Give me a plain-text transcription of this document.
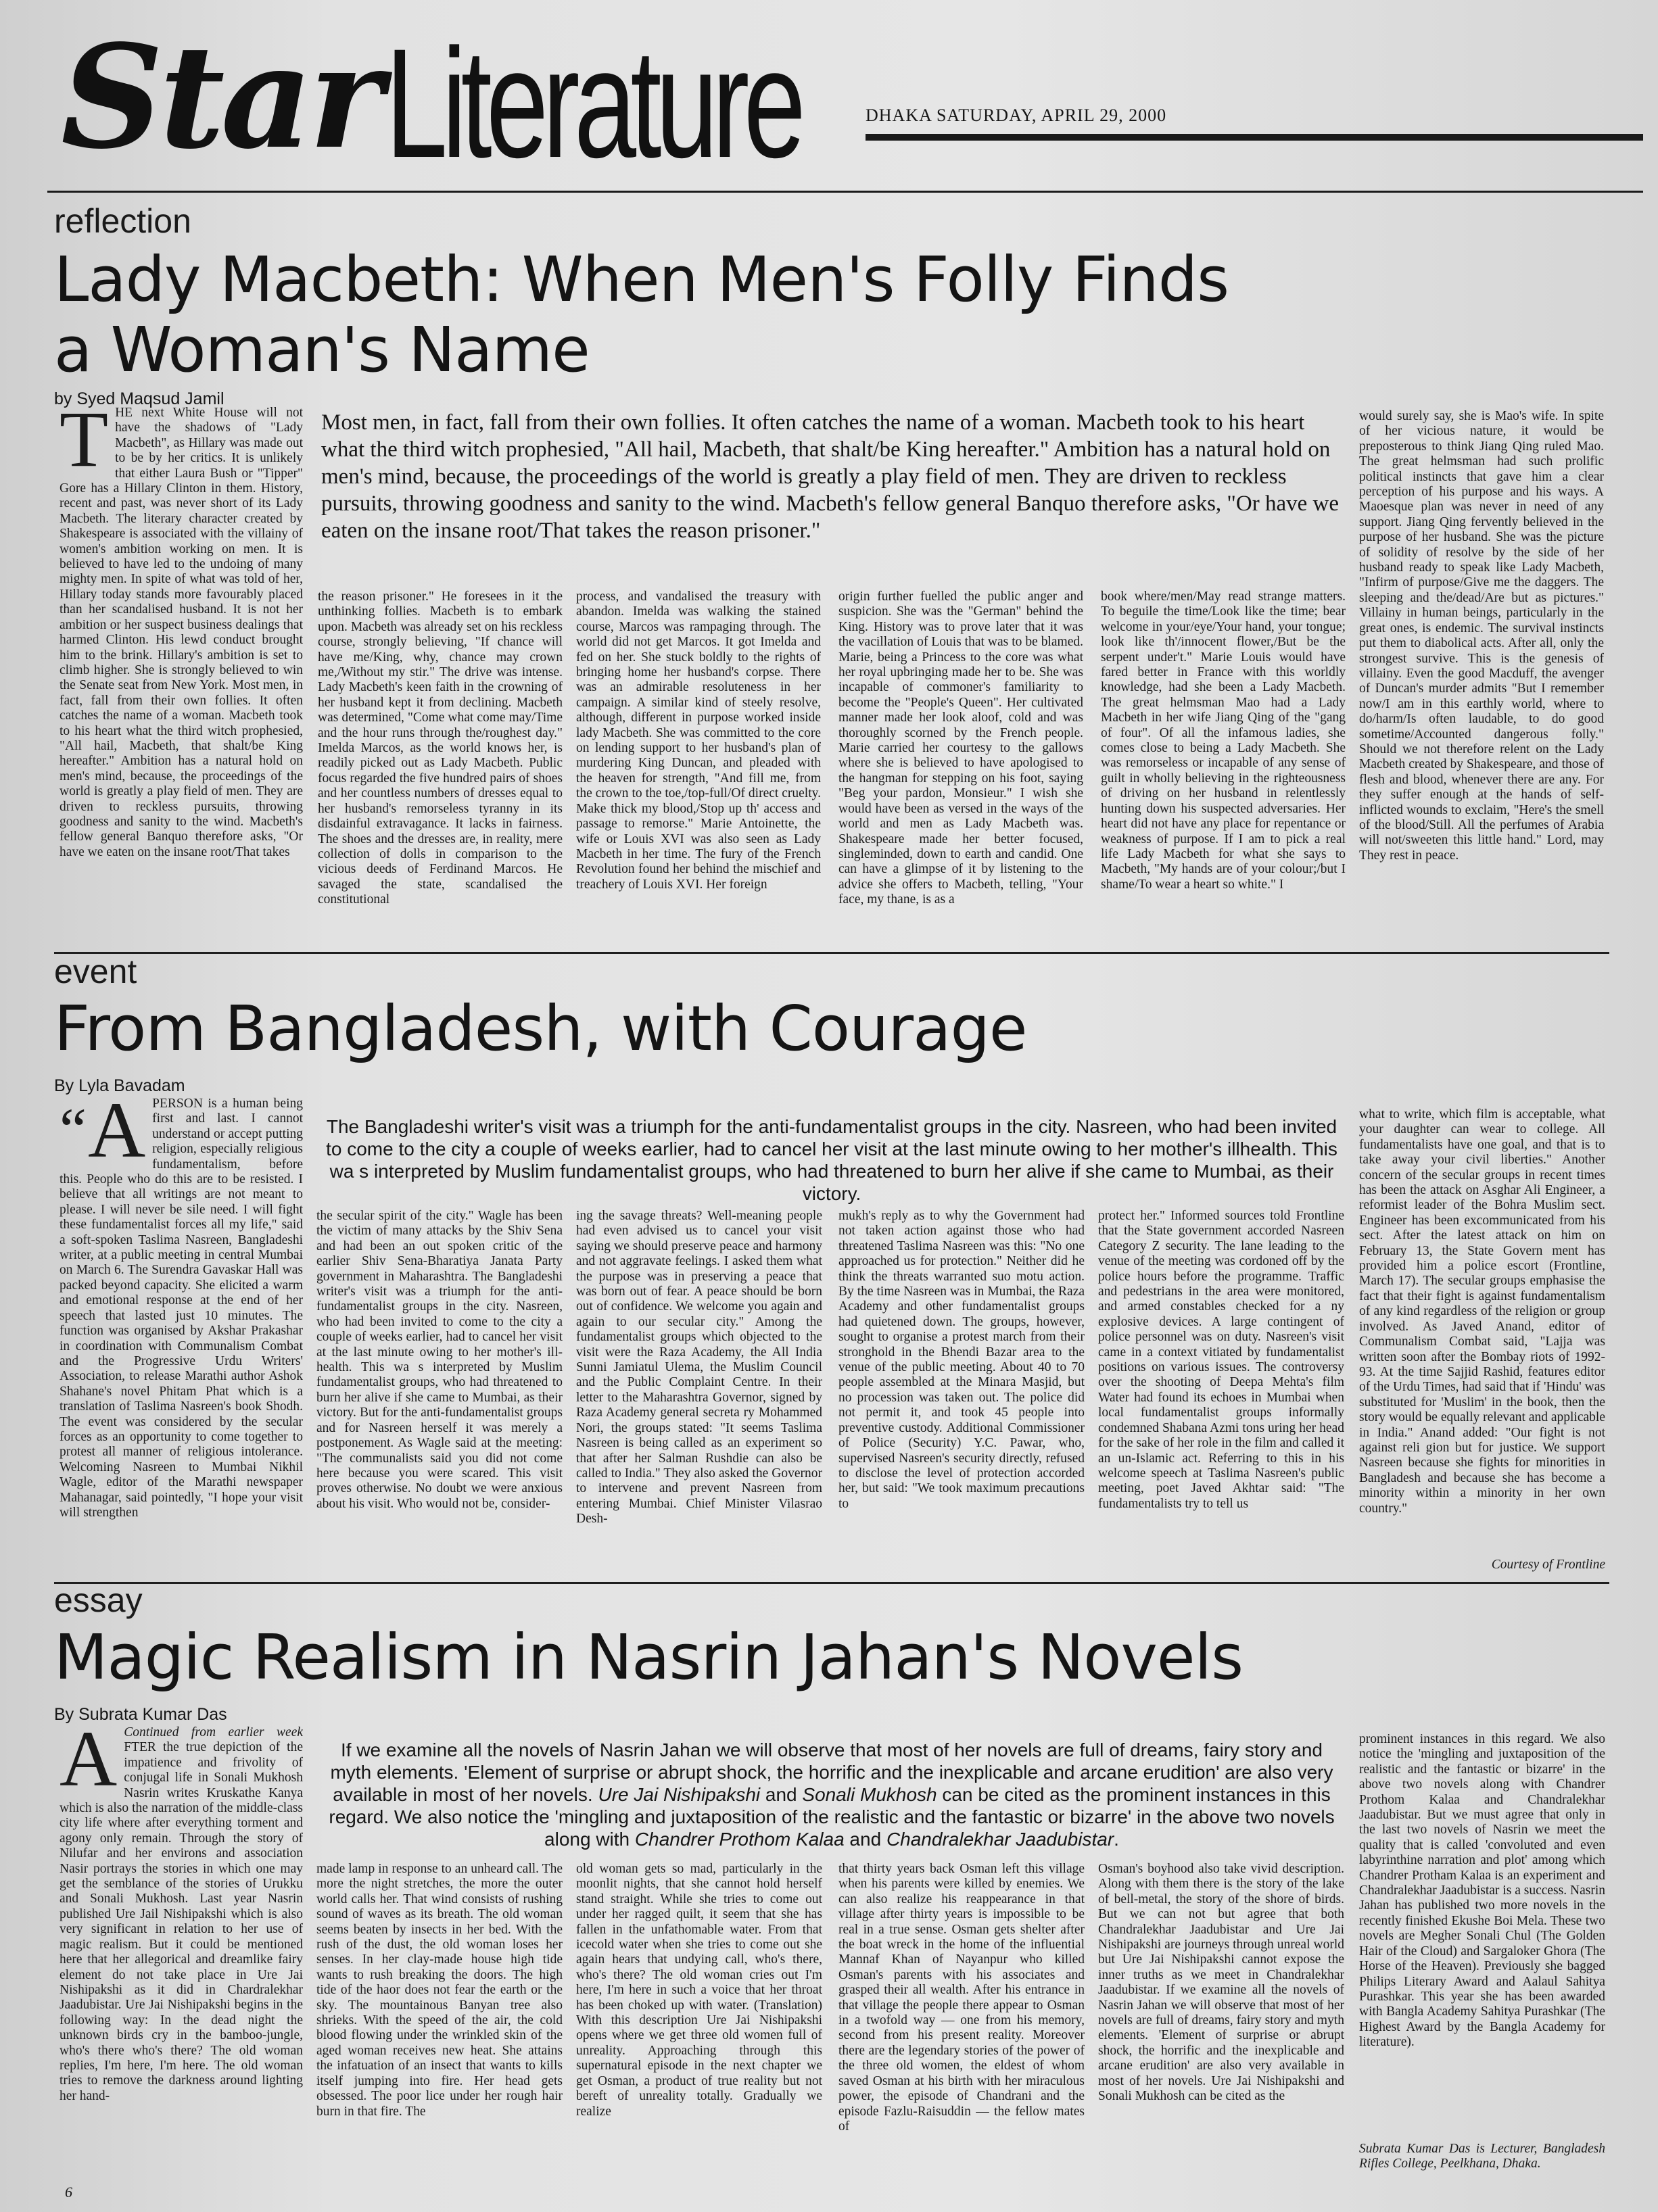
Star Literature	DHAKA SATURDAY, APRIL 29, 2000
reflection
Lady Macbeth: When Men's Folly Finds
a Woman's Name
by Syed Maqsud Jamil
THE next White House will not have the shadows of "Lady Macbeth", as Hillary was made out to be by her critics. It is unlikely that either Laura Bush or "Tipper" Gore has a Hillary Clinton in them. History, recent and past, was never short of its Lady Macbeth. The literary character created by Shakespeare is associated with the villainy of women's ambition working on men. It is believed to have led to the undoing of many mighty men. In spite of what was told of her, Hillary today stands more favourably placed than her scandalised husband. It is not her ambition or her suspect business dealings that harmed Clinton. His lewd conduct brought him to the brink. Hillary's ambition is set to climb higher. She is strongly believed to win the Senate seat from New York. Most men, in fact, fall from their own follies. It often catches the name of a woman. Macbeth took to his heart what the third witch prophesied, "All hail, Macbeth, that shalt/be King hereafter." Ambition has a natural hold on men's mind, because, the proceedings of the world is greatly a play field of men. They are driven to reckless pursuits, throwing goodness and sanity to the wind. Macbeth's fellow general Banquo therefore asks, "Or have we eaten on the insane root/That takes
Most men, in fact, fall from their own follies. It often catches the name of a woman. Macbeth took to his heart what the third witch prophesied, "All hail, Macbeth, that shalt/be King hereafter." Ambition has a natural hold on men's mind, because, the proceedings of the world is greatly a play field of men. They are driven to reckless pursuits, throwing goodness and sanity to the wind. Macbeth's fellow general Banquo therefore asks, "Or have we eaten on the insane root/That takes the reason prisoner."
the reason prisoner." He foresees in it the unthinking follies. Macbeth is to embark upon. Macbeth was already set on his reckless course, strongly believing, "If chance will have me/King, why, chance may crown me,/Without my stir." The drive was intense. Lady Macbeth's keen faith in the crowning of her husband kept it from declining. Macbeth was determined, "Come what come may/Time and the hour runs through the/roughest day." Imelda Marcos, as the world knows her, is readily picked out as Lady Macbeth. Public focus regarded the five hundred pairs of shoes and her countless numbers of dresses equal to her husband's remorseless tyranny in its disdainful extravagance. It lacks in fairness. The shoes and the dresses are, in reality, mere collection of dolls in comparison to the vicious deeds of Ferdinand Marcos. He savaged the state, scandalised the constitutional
process, and vandalised the treasury with abandon. Imelda was walking the stained course, Marcos was rampaging through. The world did not get Marcos. It got Imelda and fed on her. She stuck boldly to the rights of bringing home her husband's corpse. There was an admirable resoluteness in her campaign. A similar kind of steely resolve, although, different in purpose worked inside lady Macbeth. She was committed to the core on lending support to her husband's plan of murdering King Duncan, and pleaded with the heaven for strength, "And fill me, from the crown to the toe,/top-full/Of direct cruelty. Make thick my blood,/Stop up th' access and passage to remorse." Marie Antoinette, the wife or Louis XVI was also seen as Lady Macbeth in her time. The fury of the French Revolution found her behind the mischief and treachery of Louis XVI. Her foreign
origin further fuelled the public anger and suspicion. She was the "German" behind the King. History was to prove later that it was the vacillation of Louis that was to be blamed. Marie, being a Princess to the core was what her royal upbringing made her to be. She was incapable of commoner's familiarity to become the "People's Queen". Her cultivated manner made her look aloof, cold and was thoroughly scorned by the French people. Marie carried her courtesy to the gallows where she is believed to have apologised to the hangman for stepping on his foot, saying "Beg your pardon, Monsieur." I wish she would have been as versed in the ways of the world and men as Lady Macbeth was. Shakespeare made her better focused, singleminded, down to earth and candid. One can have a glimpse of it by listening to the advice she offers to Macbeth, telling, "Your face, my thane, is as a
book where/men/May read strange matters. To beguile the time/Look like the time; bear welcome in your/eye/Your hand, your tongue; look like th'/innocent flower,/But be the serpent under't." Marie Louis would have fared better in France with this worldly knowledge, had she been a Lady Macbeth. The great helmsman Mao had a Lady Macbeth in her wife Jiang Qing of the "gang of four". Of all the infamous ladies, she comes close to being a Lady Macbeth. She was remorseless or incapable of any sense of guilt in wholly believing in the righteousness of driving on her husband in relentlessly hunting down his suspected adversaries. Her heart did not have any place for repentance or weakness of purpose. If I am to pick a real life Lady Macbeth for what she says to Macbeth, "My hands are of your colour;/but I shame/To wear a heart so white." I
would surely say, she is Mao's wife. In spite of her vicious nature, it would be preposterous to think Jiang Qing ruled Mao. The great helmsman had such prolific political instincts that gave him a clear perception of his purpose and his ways. A Maoesque plan was never in need of any support. Jiang Qing fervently believed in the purpose of her husband. She was the picture of solidity of resolve by the side of her husband ready to speak like Lady Macbeth, "Infirm of purpose/Give me the daggers. The sleeping and the/dead/Are but as pictures." Villainy in human beings, particularly in the great ones, is endemic. The survival instincts put them to diabolical acts. After all, only the strongest survive. This is the genesis of villainy. Even the good Macduff, the avenger of Duncan's murder admits "But I remember now/I am in this earthly world, where to do/harm/Is often laudable, to do good sometime/Accounted dangerous folly." Should we not therefore relent on the Lady Macbeth created by Shakespeare, and those of flesh and blood, whenever there are any. For they suffer enough at the hands of self-inflicted wounds to exclaim, "Here's the smell of the blood/Still. All the perfumes of Arabia will not/sweeten this little hand." Lord, may They rest in peace.
event
From Bangladesh, with Courage
By Lyla Bavadam
“ A PERSON is a human being first and last. I cannot understand or accept putting religion, especially religious fundamentalism, before this. People who do this are to be resisted. I believe that all writings are not meant to please. I will never be sile need. I will fight these fundamentalist forces all my life," said a soft-spoken Taslima Nasreen, Bangladeshi writer, at a public meeting in central Mumbai on March 6. The Surendra Gavaskar Hall was packed beyond capacity. She elicited a warm and emotional response at the end of her speech that lasted just 10 minutes. The function was organised by Akshar Prakashar in coordination with Communalism Combat and the Progressive Urdu Writers' Association, to release Marathi author Ashok Shahane's novel Phitam Phat which is a translation of Taslima Nasreen's book Shodh. The event was considered by the secular forces as an opportunity to come together to protest all manner of religious intolerance. Welcoming Nasreen to Mumbai Nikhil Wagle, editor of the Marathi newspaper Mahanagar, said pointedly, "I hope your visit will strengthen
The Bangladeshi writer's visit was a triumph for the anti-fundamentalist groups in the city. Nasreen, who had been invited to come to the city a couple of weeks earlier, had to cancel her visit at the last minute owing to her mother's illhealth. This wa s interpreted by Muslim fundamentalist groups, who had threatened to burn her alive if she came to Mumbai, as their victory.
the secular spirit of the city." Wagle has been the victim of many attacks by the Shiv Sena and had been an out spoken critic of the earlier Shiv Sena-Bharatiya Janata Party government in Maharashtra. The Bangladeshi writer's visit was a triumph for the anti-fundamentalist groups in the city. Nasreen, who had been invited to come to the city a couple of weeks earlier, had to cancel her visit at the last minute owing to her mother's ill-health. This wa s interpreted by Muslim fundamentalist groups, who had threatened to burn her alive if she came to Mumbai, as their victory. But for the anti-fundamentalist groups and for Nasreen herself it was merely a postponement. As Wagle said at the meeting: "The communalists said you did not come here because you were scared. This visit proves otherwise. No doubt we were anxious about his visit. Who would not be, consider-
ing the savage threats? Well-meaning people had even advised us to cancel your visit saying we should preserve peace and harmony and not aggravate feelings. I asked them what the purpose was in preserving a peace that was born out of fear. A peace should be born out of confidence. We welcome you again and again to our secular city." Among the fundamentalist groups which objected to the visit were the Raza Academy, the All India Sunni Jamiatul Ulema, the Muslim Council and the Public Complaint Centre. In their letter to the Maharashtra Governor, signed by Raza Academy general secreta ry Mohammed Nori, the groups stated: "It seems Taslima Nasreen is being called as an experiment so that after her Salman Rushdie can also be called to India." They also asked the Governor to intervene and prevent Nasreen from entering Mumbai. Chief Minister Vilasrao Desh-
mukh's reply as to why the Government had not taken action against those who had threatened Taslima Nasreen was this: "No one approached us for protection." Neither did he think the threats warranted suo motu action. By the time Nasreen was in Mumbai, the Raza Academy and other fundamentalist groups had quietened down. The groups, however, sought to organise a protest march from their stronghold in the Bhendi Bazar area to the venue of the public meeting. About 40 to 70 people assembled at the Minara Masjid, but no procession was taken out. The police did not permit it, and took 45 people into preventive custody. Additional Commissioner of Police (Security) Y.C. Pawar, who, supervised Nasreen's security directly, refused to disclose the level of protection accorded her, but said: "We took maximum precautions to
protect her." Informed sources told Frontline that the State government accorded Nasreen Category Z security. The lane leading to the venue of the meeting was cordoned off by the police hours before the programme. Traffic and pedestrians in the area were monitored, and armed constables checked for a ny explosive devices. A large contingent of police personnel was on duty. Nasreen's visit came in a context vitiated by fundamentalist positions on various issues. The controversy over the shooting of Deepa Mehta's film Water had found its echoes in Mumbai when local fundamentalist groups informally condemned Shabana Azmi tons uring her head for the sake of her role in the film and called it an un-Islamic act. Referring to this in his welcome speech at Taslima Nasreen's public meeting, poet Javed Akhtar said: "The fundamentalists try to tell us
what to write, which film is acceptable, what your daughter can wear to college. All fundamentalists have one goal, and that is to take away your civil liberties." Another concern of the secular groups in recent times has been the attack on Asghar Ali Engineer, a reformist leader of the Bohra Muslim sect. Engineer has been excommunicated from his sect. After the latest attack on him on February 13, the State Govern ment has provided him a police escort (Frontline, March 17). The secular groups emphasise the fact that their fight is against fundamentalism of any kind regardless of the religion or group involved. As Javed Anand, editor of Communalism Combat said, "Lajja was written soon after the Bombay riots of 1992-93. At the time Sajjid Rashid, features editor of the Urdu Times, had said that if 'Hindu' was substituted for 'Muslim' in the book, then the story would be equally relevant and applicable in India." Anand added: "Our fight is not against reli gion but for justice. We support Nasreen because she fights for minorities in Bangladesh and because she has become a minority within a minority in her own country."
Courtesy of Frontline
essay
Magic Realism in Nasrin Jahan's Novels
By Subrata Kumar Das
A Continued from earlier week FTER the true depiction of the impatience and frivolity of conjugal life in Sonali Mukhosh Nasrin writes Kruskathe Kanya which is also the narration of the middle-class city life where after everything torment and agony only remain. Through the story of Nilufar and her environs and association Nasir portrays the stories in which one may get the semblance of the stories of Urukku and Sonali Mukhosh. Last year Nasrin published Ure Jail Nishipakshi which is also very significant in relation to her use of magic realism. But it could be mentioned here that her allegorical and dreamlike fairy element do not take place in Ure Jai Nishipakshi as it did in Chardralekhar Jaadubistar. Ure Jai Nishipakshi begins in the following way: In the dead night the unknown birds cry in the bamboo-jungle, who's there who's there? The old woman replies, I'm here, I'm here. The old woman tries to remove the darkness around lighting her hand-
If we examine all the novels of Nasrin Jahan we will observe that most of her novels are full of dreams, fairy story and myth elements. 'Element of surprise or abrupt shock, the horrific and the inexplicable and arcane erudition' are also very available in most of her novels. Ure Jai Nishipakshi and Sonali Mukhosh can be cited as the prominent instances in this regard. We also notice the 'mingling and juxtaposition of the realistic and the fantastic or bizarre' in the above two novels along with Chandrer Prothom Kalaa and Chandralekhar Jaadubistar.
made lamp in response to an unheard call. The more the night stretches, the more the outer world calls her. That wind consists of rushing sound of waves as its breath. The old woman seems beaten by insects in her bed. With the rush of the dust, the old woman loses her senses. In her clay-made house high tide wants to rush breaking the doors. The high tide of the haor does not fear the earth or the sky. The mountainous Banyan tree also shrieks. With the speed of the air, the cold blood flowing under the wrinkled skin of the aged woman receives new heat. She attains the infatuation of an insect that wants to kills itself jumping into fire. Her head gets obsessed. The poor lice under her rough hair burn in that fire. The
old woman gets so mad, particularly in the moonlit nights, that she cannot hold herself stand straight. While she tries to come out under her ragged quilt, it seem that she has fallen in the unfathomable water. From that icecold water when she tries to come out she again hears that undying call, who's there, who's there? The old woman cries out I'm here, I'm here in such a voice that her throat has been choked up with water. (Translation) With this description Ure Jai Nishipakshi opens where we get three old women full of unreality. Approaching through this supernatural episode in the next chapter we get Osman, a product of true reality but not bereft of unreality totally. Gradually we realize
that thirty years back Osman left this village when his parents were killed by enemies. We can also realize his reappearance in that village after thirty years is impossible to be real in a true sense. Osman gets shelter after the boat wreck in the home of the influential Mannaf Khan of Nayanpur who killed Osman's parents with his associates and grasped their all wealth. After his entrance in that village the people there appear to Osman in a twofold way — one from his memory, second from his present reality. Moreover there are the legendary stories of the power of the three old women, the eldest of whom saved Osman at his birth with her miraculous power, the episode of Chandrani and the episode Fazlu-Raisuddin — the fellow mates of
Osman's boyhood also take vivid description. Along with them there is the story of the lake of bell-metal, the story of the shore of birds. But we can not but agree that both Chandralekhar Jaadubistar and Ure Jai Nishipakshi are journeys through unreal world but Ure Jai Nishipakshi cannot expose the inner truths as we meet in Chandralekhar Jaadubistar. If we examine all the novels of Nasrin Jahan we will observe that most of her novels are full of dreams, fairy story and myth elements. 'Element of surprise or abrupt shock, the horrific and the inexplicable and arcane erudition' are also very available in most of her novels. Ure Jai Nishipakshi and Sonali Mukhosh can be cited as the
prominent instances in this regard. We also notice the 'mingling and juxtaposition of the realistic and the fantastic or bizarre' in the above two novels along with Chandrer Prothom Kalaa and Chandralekhar Jaadubistar. But we must agree that only in the last two novels of Nasrin we meet the quality that is called 'convoluted and even labyrinthine narration and plot' among which Chandrer Protham Kalaa is an experiment and Chandralekhar Jaadubistar is a success. Nasrin Jahan has published two more novels in the recently finished Ekushe Boi Mela. These two novels are Megher Sonali Chul (The Golden Hair of the Cloud) and Sargaloker Ghora (The Horse of the Heaven). Previously she bagged Philips Literary Award and Aalaul Sahitya Purashkar. This year she has been awarded with Bangla Academy Sahitya Purashkar (The Highest Award by the Bangla Academy for literature).
Subrata Kumar Das is Lecturer, Bangladesh Rifles College, Peelkhana, Dhaka.
6
